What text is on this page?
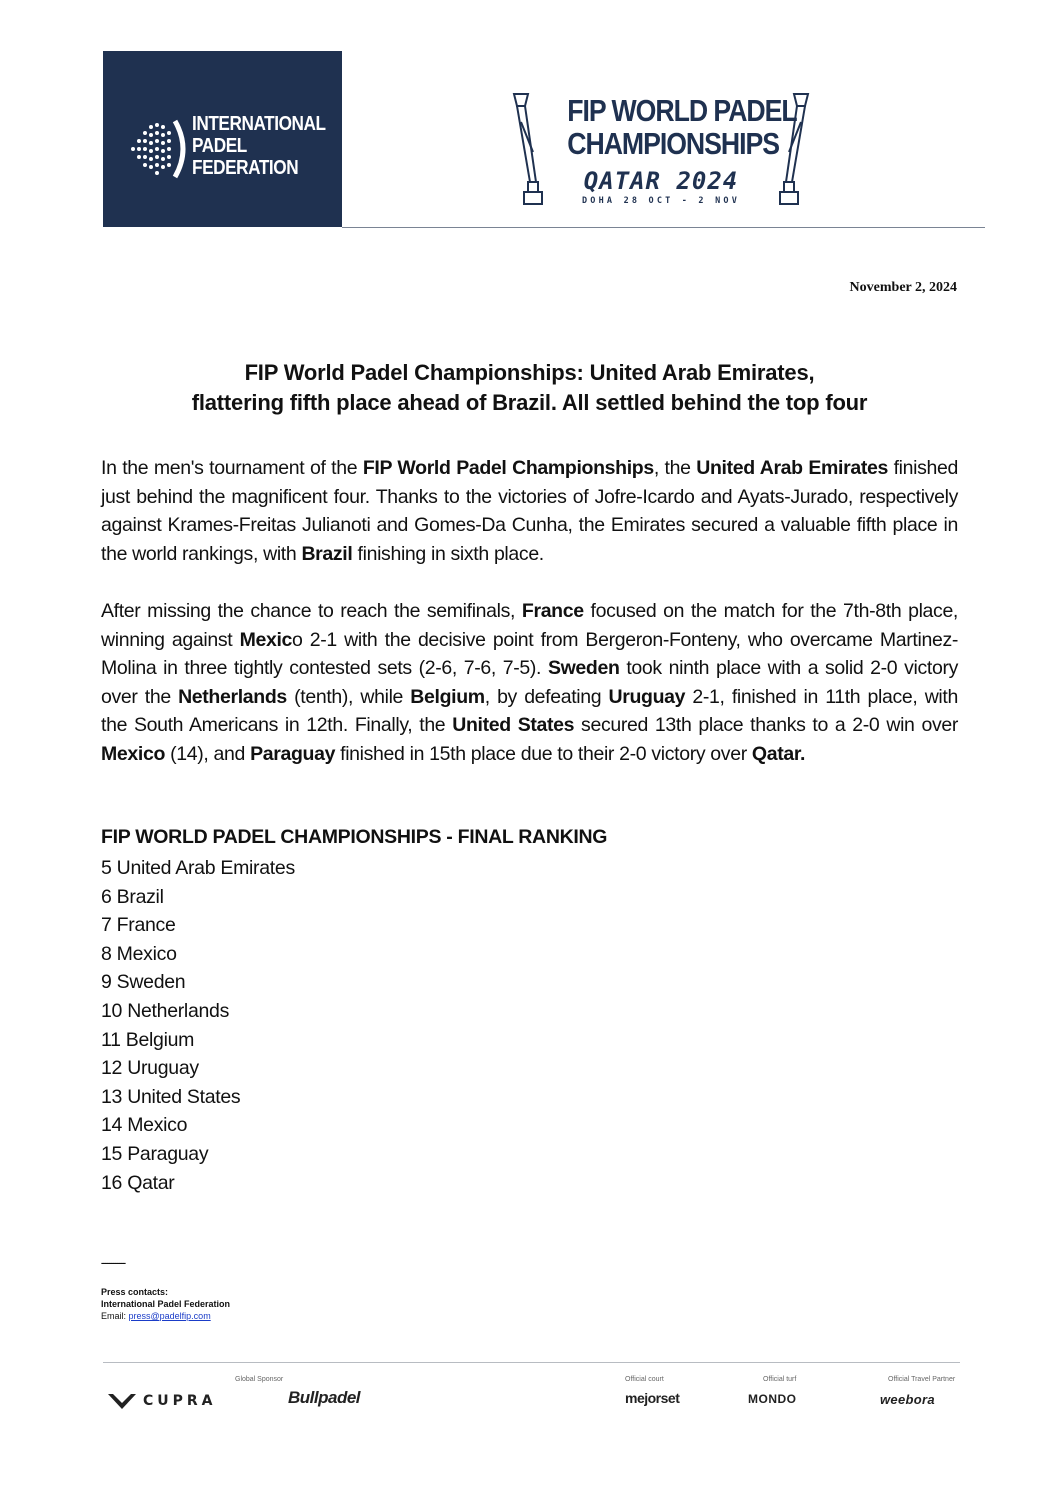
INTERNATIONAL
PADEL
FEDERATION
FIP WORLD PADEL
CHAMPIONSHIPS
QATAR 2024
DOHA 28 OCT - 2 NOV
November 2, 2024
FIP World Padel Championships: United Arab Emirates,
flattering fifth place ahead of Brazil. All settled behind the top four
In the men's tournament of the FIP World Padel Championships, the United Arab Emirates finished just behind the magnificent four. Thanks to the victories of Jofre-Icardo and Ayats-Jurado, respectively against Krames-Freitas Julianoti and Gomes-Da Cunha, the Emirates secured a valuable fifth place in the world rankings, with Brazil finishing in sixth place.
After missing the chance to reach the semifinals, France focused on the match for the 7th-8th place, winning against Mexico 2-1 with the decisive point from Bergeron-Fonteny, who overcame Martinez-Molina in three tightly contested sets (2-6, 7-6, 7-5). Sweden took ninth place with a solid 2-0 victory over the Netherlands (tenth), while Belgium, by defeating Uruguay 2-1, finished in 11th place, with the South Americans in 12th. Finally, the United States secured 13th place thanks to a 2-0 win over Mexico (14), and Paraguay finished in 15th place due to their 2-0 victory over Qatar.
FIP WORLD PADEL CHAMPIONSHIPS - FINAL RANKING
5 United Arab Emirates
6 Brazil
7 France
8 Mexico
9 Sweden
10 Netherlands
11 Belgium
12 Uruguay
13 United States
14 Mexico
15 Paraguay
16 Qatar
------------
Press contacts:
International Padel Federation
Email: press@padelfip.com
Global Sponsor	Official court	Official turf	Official Travel Partner
CUPRA	Bullpadel	mejorset	MONDO	weebora
